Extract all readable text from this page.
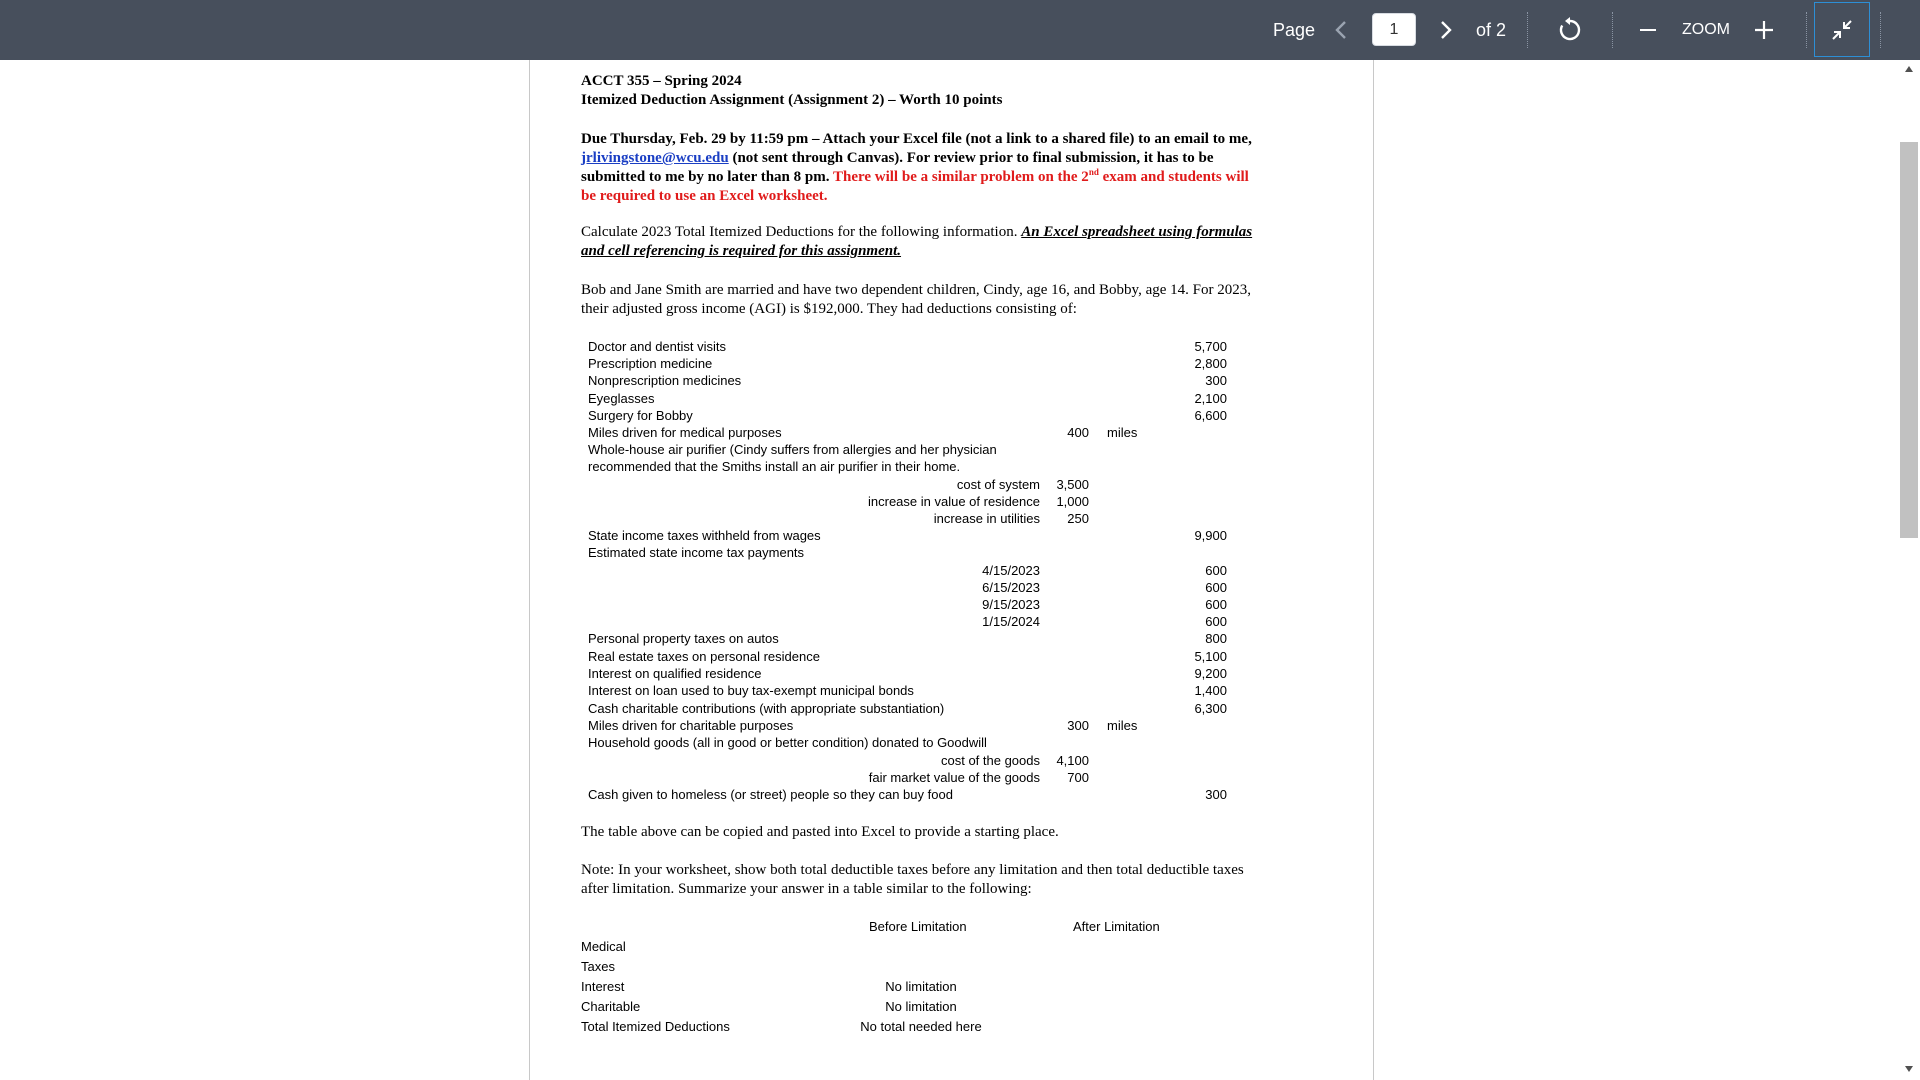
Page
1	of 2	ZOOM
ACCT 355 – Spring 2024
Itemized Deduction Assignment (Assignment 2) – Worth 10 points
Due Thursday, Feb. 29 by 11:59 pm – Attach your Excel file (not a link to a shared file) to an email to me,
jrlivingstone@wcu.edu (not sent through Canvas). For review prior to final submission, it has to be
submitted to me by no later than 8 pm. There will be a similar problem on the 2nd exam and students will
be required to use an Excel worksheet.
Calculate 2023 Total Itemized Deductions for the following information. An Excel spreadsheet using formulas
and cell referencing is required for this assignment.
Bob and Jane Smith are married and have two dependent children, Cindy, age 16, and Bobby, age 14. For 2023,
their adjusted gross income (AGI) is $192,000. They had deductions consisting of:
Doctor and dentist visits	5,700
Prescription medicine	2,800
Nonprescription medicines	300
Eyeglasses	2,100
Surgery for Bobby	6,600
Miles driven for medical purposes	400 miles
Whole-house air purifier (Cindy suffers from allergies and her physician
recommended that the Smiths install an air purifier in their home.
cost of system	3,500
increase in value of residence	1,000
increase in utilities	250
State income taxes withheld from wages	9,900
Estimated state income tax payments
4/15/2023	600
6/15/2023	600
9/15/2023	600
1/15/2024	600
Personal property taxes on autos	800
Real estate taxes on personal residence	5,100
Interest on qualified residence	9,200
Interest on loan used to buy tax-exempt municipal bonds	1,400
Cash charitable contributions (with appropriate substantiation)	6,300
Miles driven for charitable purposes	300 miles
Household goods (all in good or better condition) donated to Goodwill
cost of the goods	4,100
fair market value of the goods	700
Cash given to homeless (or street) people so they can buy food	300
The table above can be copied and pasted into Excel to provide a starting place.
Note: In your worksheet, show both total deductible taxes before any limitation and then total deductible taxes
after limitation. Summarize your answer in a table similar to the following:
Before Limitation	After Limitation
Medical
Taxes
Interest	No limitation
Charitable	No limitation
Total Itemized Deductions	No total needed here
